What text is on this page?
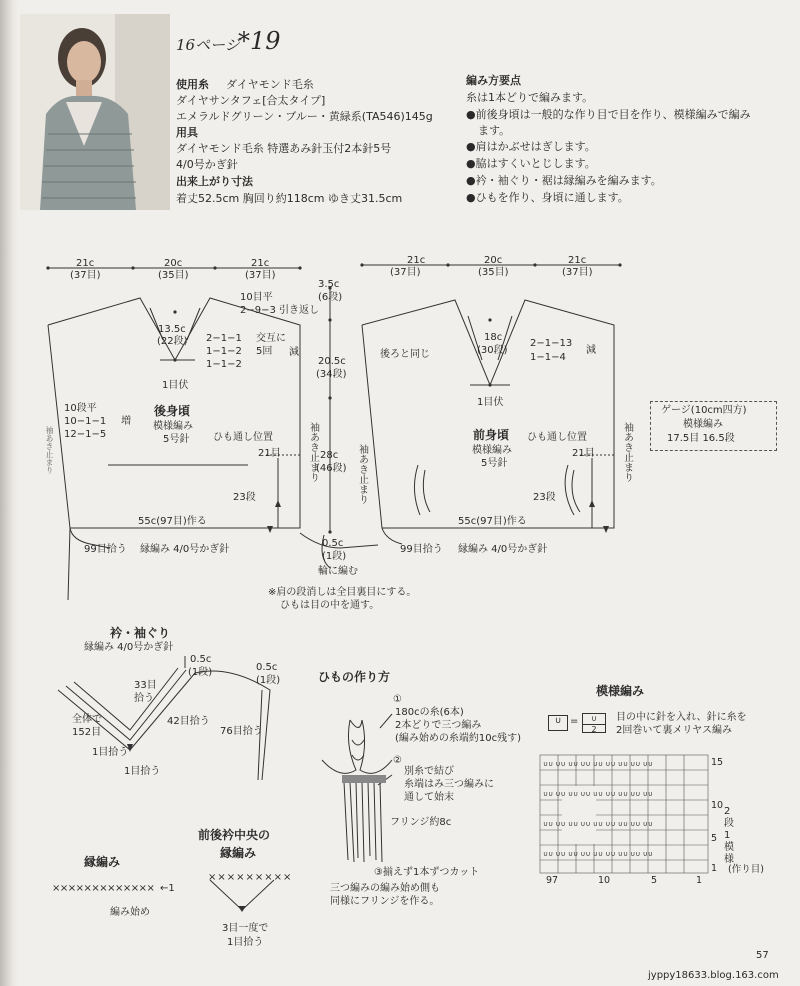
16ページ
*19
使用糸 ダイヤモンド毛糸
ダイヤサンタフェ[合太タイプ]
エメラルドグリーン・ブルー・黄緑系(TA546)145g
用具
ダイヤモンド毛糸 特選あみ針玉付2本針5号
4/0号かぎ針
出来上がり寸法
着丈52.5cm 胸回り約118cm ゆき丈31.5cm
編み方要点
糸は1本どりで編みます。
●前後身頃は一般的な作り目で目を作り、模様編みで編み
ます。
●肩はかぶせはぎします。
●脇はすくいとじします。
●衿・袖ぐり・裾は縁編みを編みます。
●ひもを作り、身頃に通します。
21c
(37目)
20c
(35目)
21c
(37目)
21c
(37目)
20c
(35目)
21c
(37目)
10目平
2−9−3 引き返し
13.5c
(22段) 2−1−1
1−1−2
1−1−2
交互に
5回 減
1目伏
10段平
10−1−1
12−1−5
増
袖あき止まり
後身頃
模様編み
5号針 ひも通し位置
21目
23段
袖あき止まり
55c(97目)作る
99目拾う 縁編み 4/0号かぎ針
3.5c
(6段)
20.5c
(34段)
28c
(46段)
0.5c
(1段)
輪に編む
袖あき止まり
後ろと同じ
18c
(30段)
2−1−13
1−1−4
減
1目伏
前身頃
模様編み
5号針
ひも通し位置
21目
23段
袖あき止まり
55c(97目)作る
99目拾う 縁編み 4/0号かぎ針
ゲージ(10cm四方)
模様編み
17.5目 16.5段
※肩の段消しは全目裏目にする。
ひもは目の中を通す。
衿・袖ぐり
縁編み 4/0号かぎ針
0.5c
(1段)	0.5c
(1段)
33目
拾う
全体で
152目
42目拾う
76目拾う
1目拾う
1目拾う
ひもの作り方
①
180cの糸(6本)
2本どりで三つ編み
(編み始めの糸端約10c残す)
②
別糸で結び
糸端はみ三つ編みに
通して始末
フリンジ約8c
③揃えず1本ずつカット
三つ編みの編み始め側も
同様にフリンジを作る。
縁編み
××××××××××××× ←1
編み始め
前後衿中央の
縁編み
×××××××××
3目一度で
1目拾う
模様編み
∪ =	∪
2
目の中に針を入れ、針に糸を
2回巻いて裏メリヤス編み
∪∪ ∪∪ ∪∪ ∪∪ ∪∪ ∪∪ ∪∪ ∪∪ ∪∪
∪∪ ∪∪ ∪∪ ∪∪ ∪∪ ∪∪ ∪∪ ∪∪ ∪∪
∪∪ ∪∪ ∪∪ ∪∪ ∪∪ ∪∪ ∪∪ ∪∪ ∪∪
∪∪ ∪∪ ∪∪ ∪∪ ∪∪ ∪∪ ∪∪ ∪∪ ∪∪
15
10
5
1
2
段
1
模
様
(作り目)
97	10	5	1
57
jyppy18633.blog.163.com
